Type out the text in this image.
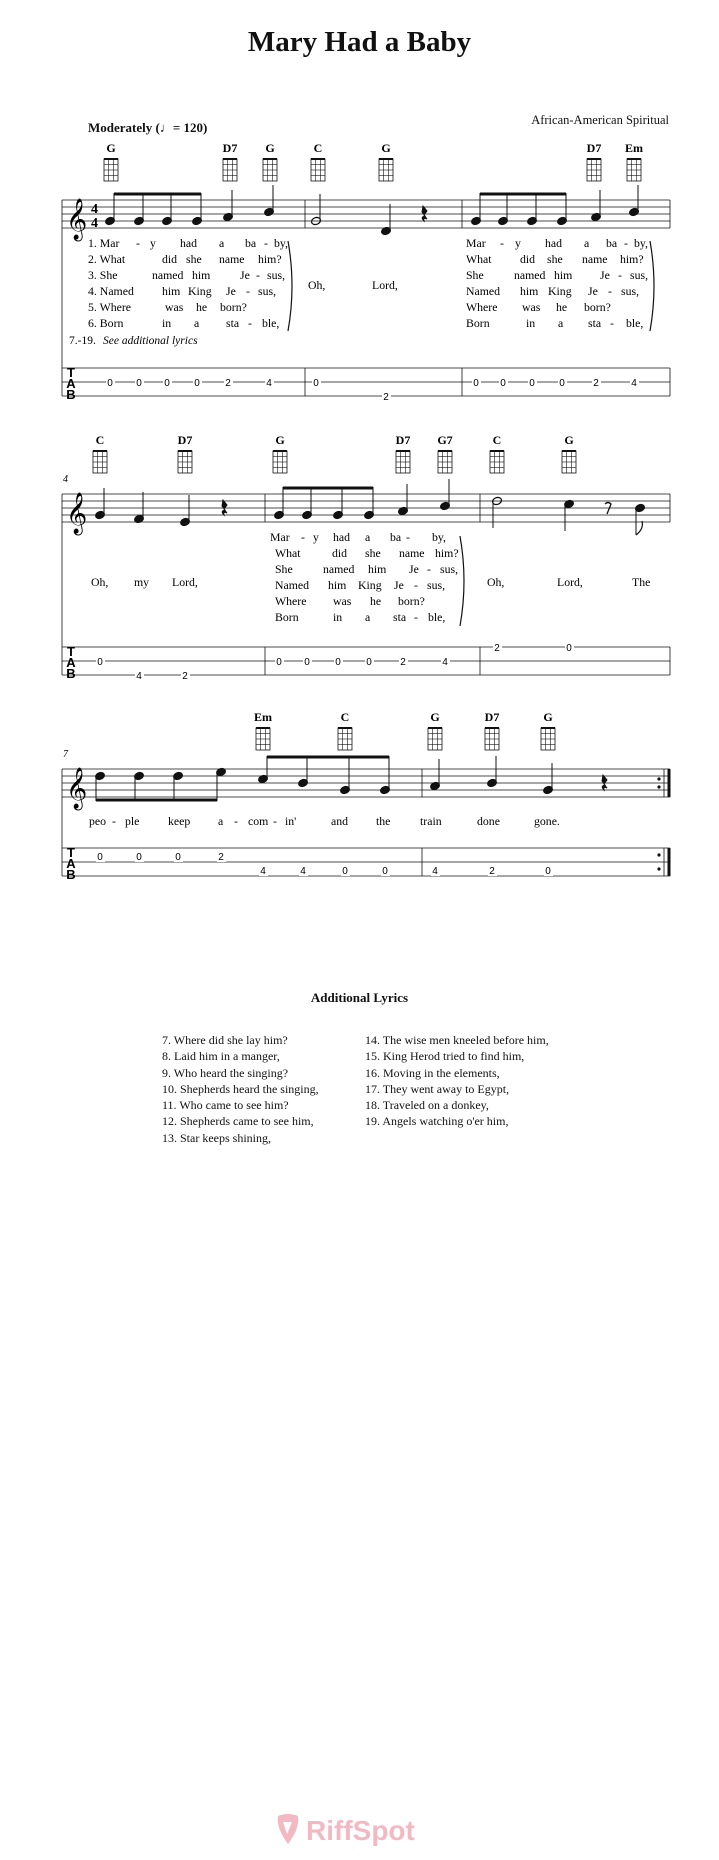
Mary Had a Baby
African-American Spiritual
Moderately (♩= 120)
G	D7 G	C	G	D7 Em
𝄞 4
4
1. Mar - y had a ba - by,
2. What	did she name him?
3. She	named him	Je - sus,
4. Named him King Je - sus,
5. Where	was he born?
6. Born	in a sta - ble,
Oh,	Lord,
Mar - y had a ba - by,
What did she name him?
She	named him Je - sus,
Named him King Je - sus,
Where was he born?
Born	in a sta - ble,
7.-19. See additional lyrics
T
A
B
0 0 0 0	2	4	0
2
0 0 0 0	2	4
C	D7	G	D7 G7	C	G
4
𝄞
Oh, my Lord,
Mar - y had a ba - by,
What	did she name him?
She	named him Je - sus,
Named him King Je - sus,
Where was he born?
Born	in a sta - ble,
Oh,	Lord,	The
T
A
B
0
4	2
0 0	0	0	2	4
2	0
Em	C	G	D7	G
7
𝄞
peo - ple keep a - com - in'	and the	train	done	gone.
T
A
B
0	0	0	2
4	4	0	0	4	2	0
Additional Lyrics
7. Where did she lay him?
8. Laid him in a manger,
9. Who heard the singing?
10. Shepherds heard the singing,
11. Who came to see him?
12. Shepherds came to see him,
13. Star keeps shining,
14. The wise men kneeled before him,
15. King Herod tried to find him,
16. Moving in the elements,
17. They went away to Egypt,
18. Traveled on a donkey,
19. Angels watching o'er him,
RiffSpot
